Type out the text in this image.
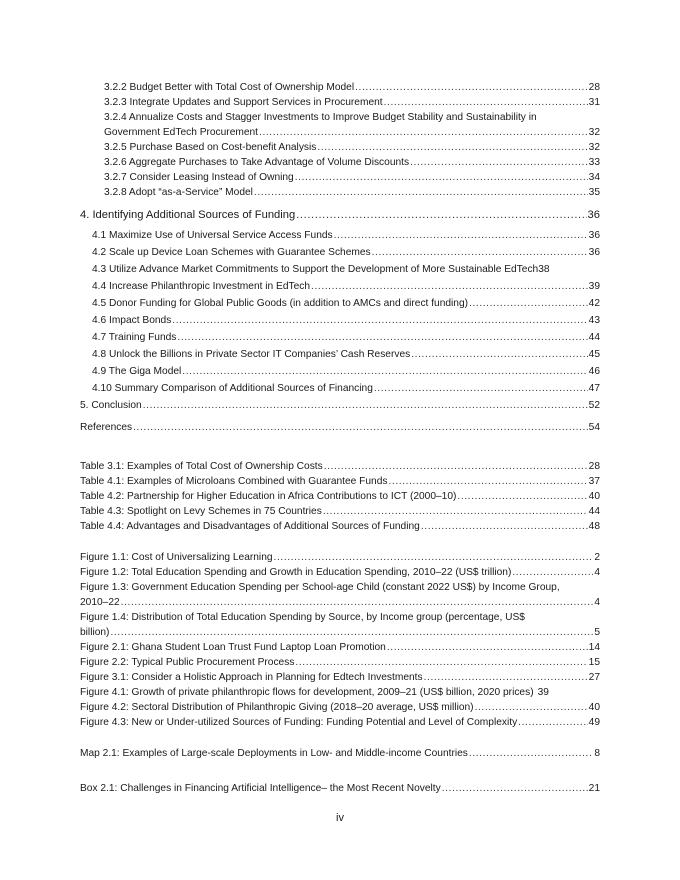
3.2.2 Budget Better with Total Cost of Ownership Model .....	28
3.2.3 Integrate Updates and Support Services in Procurement .....	31
3.2.4 Annualize Costs and Stagger Investments to Improve Budget Stability and Sustainability in
Government EdTech Procurement .....	32
3.2.5 Purchase Based on Cost-benefit Analysis .....	32
3.2.6 Aggregate Purchases to Take Advantage of Volume Discounts .....	33
3.2.7 Consider Leasing Instead of Owning .....	34
3.2.8 Adopt “as-a-Service” Model .....	35
4. Identifying Additional Sources of Funding .....	36
4.1 Maximize Use of Universal Service Access Funds .....	36
4.2 Scale up Device Loan Schemes with Guarantee Schemes .....	36
4.3 Utilize Advance Market Commitments to Support the Development of More Sustainable EdTech 38
4.4 Increase Philanthropic Investment in EdTech .....	39
4.5 Donor Funding for Global Public Goods (in addition to AMCs and direct funding) .....	42
4.6 Impact Bonds .....	43
4.7 Training Funds .....	44
4.8 Unlock the Billions in Private Sector IT Companies’ Cash Reserves .....	45
4.9 The Giga Model .....	46
4.10 Summary Comparison of Additional Sources of Financing .....	47
5. Conclusion .....	52
References .....	54
Table 3.1: Examples of Total Cost of Ownership Costs .....	28
Table 4.1: Examples of Microloans Combined with Guarantee Funds .....	37
Table 4.2: Partnership for Higher Education in Africa Contributions to ICT (2000–10) .....	40
Table 4.3: Spotlight on Levy Schemes in 75 Countries .....	44
Table 4.4: Advantages and Disadvantages of Additional Sources of Funding .....	48
Figure 1.1: Cost of Universalizing Learning .....	2
Figure 1.2: Total Education Spending and Growth in Education Spending, 2010–22 (US$ trillion) .....	4
Figure 1.3: Government Education Spending per School-age Child (constant 2022 US$) by Income Group,
2010–22 .....	4
Figure 1.4: Distribution of Total Education Spending by Source, by Income group (percentage, US$
billion) .....	5
Figure 2.1: Ghana Student Loan Trust Fund Laptop Loan Promotion .....	14
Figure 2.2: Typical Public Procurement Process .....	15
Figure 3.1: Consider a Holistic Approach in Planning for Edtech Investments .....	27
Figure 4.1: Growth of private philanthropic flows for development, 2009–21 (US$ billion, 2020 prices) 39
Figure 4.2: Sectoral Distribution of Philanthropic Giving (2018–20 average, US$ million) .....	40
Figure 4.3: New or Under-utilized Sources of Funding: Funding Potential and Level of Complexity .....	49
Map 2.1: Examples of Large-scale Deployments in Low- and Middle-income Countries .....	8
Box 2.1: Challenges in Financing Artificial Intelligence– the Most Recent Novelty .....	21
iv
